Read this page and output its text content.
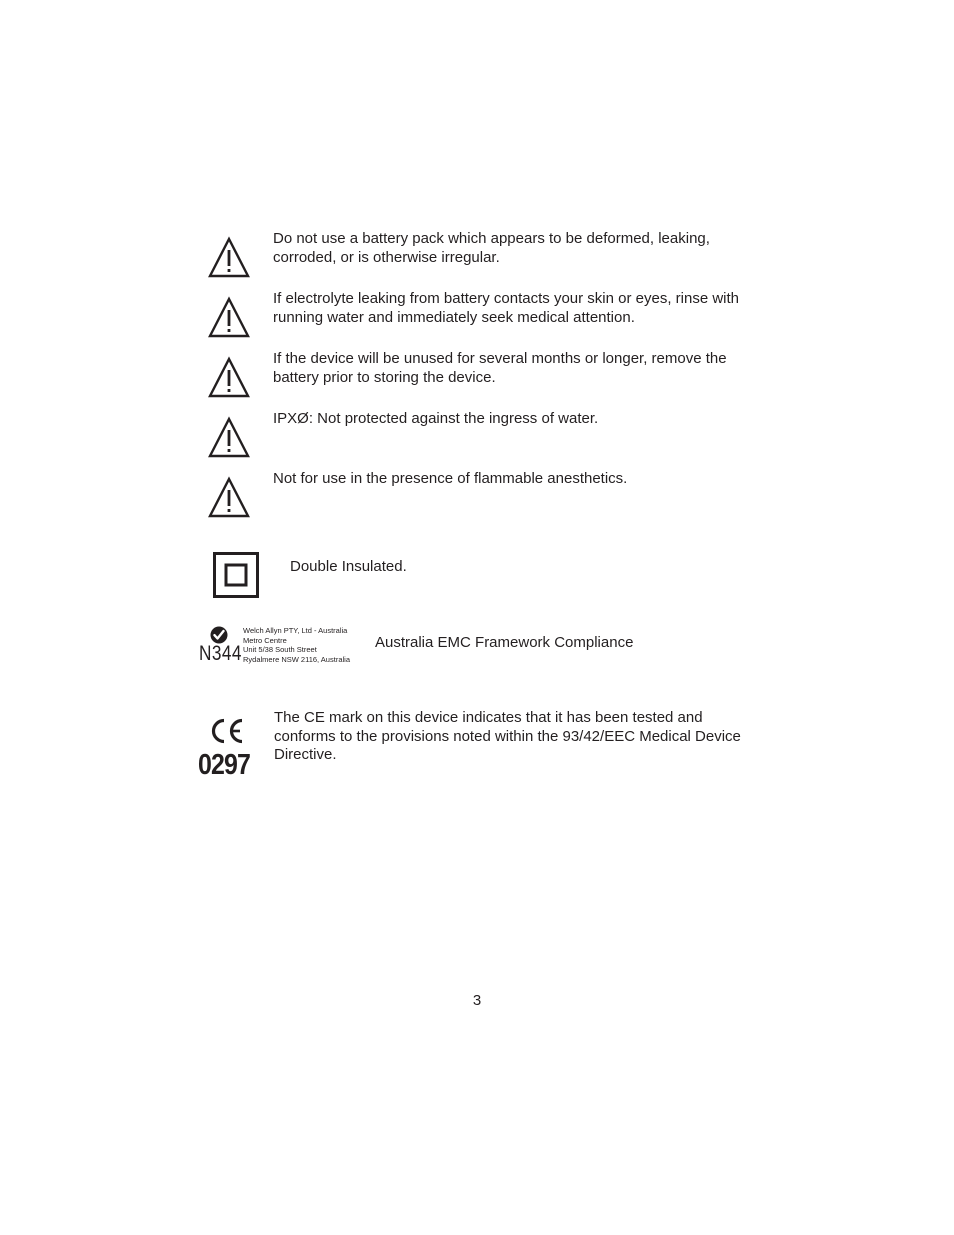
Do not use a battery pack which appears to be deformed, leaking, corroded, or is otherwise irregular.

If electrolyte leaking from battery contacts your skin or eyes, rinse with running water and immediately seek medical attention.

If the device will be unused for several months or longer, remove the battery prior to storing the device.

IPXØ: Not protected against the ingress of water.

Not for use in the presence of flammable anesthetics.

Double Insulated.

N344
Welch Allyn PTY, Ltd - Australia
Metro Centre
Unit 5/38 South Street
Rydalmere NSW 2116, Australia

Australia EMC Framework Compliance

0297

The CE mark on this device indicates that it has been tested and conforms to the provisions noted within the 93/42/EEC Medical Device Directive.

3
